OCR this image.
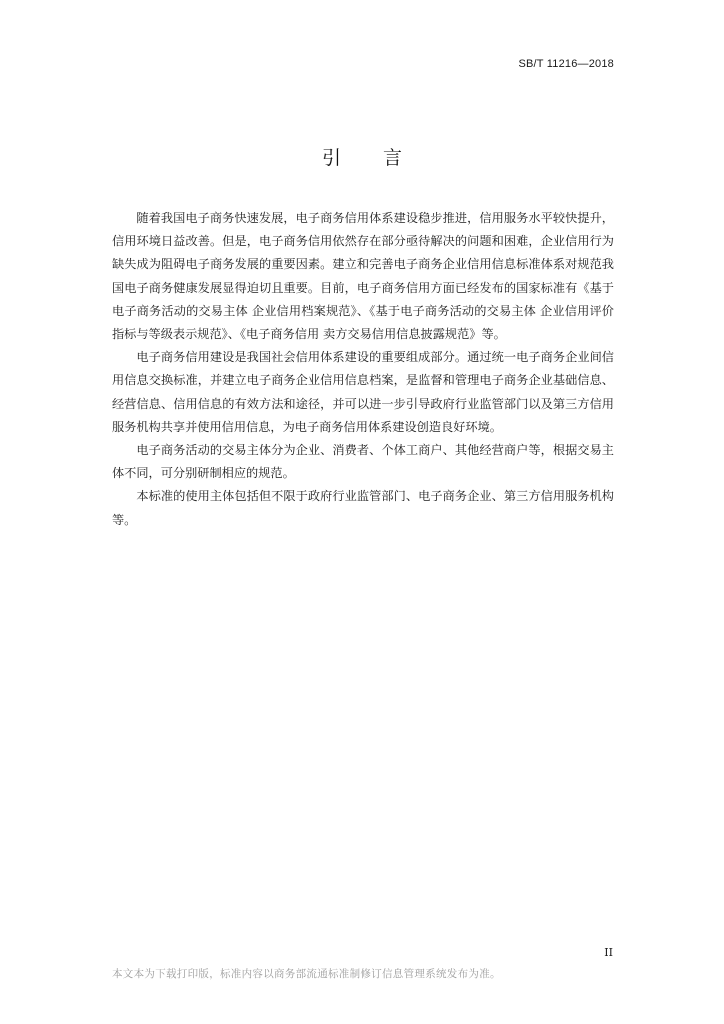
SB/T 11216—2018
引 言

随着我国电子商务快速发展，电子商务信用体系建设稳步推进，信用服务水平较快提升，信用环境日益改善。但是，电子商务信用依然存在部分亟待解决的问题和困难，企业信用行为缺失成为阻碍电子商务发展的重要因素。建立和完善电子商务企业信用信息标准体系对规范我国电子商务健康发展显得迫切且重要。目前，电子商务信用方面已经发布的国家标准有《基于电子商务活动的交易主体 企业信用档案规范》、《基于电子商务活动的交易主体 企业信用评价指标与等级表示规范》、《电子商务信用 卖方交易信用信息披露规范》等。

电子商务信用建设是我国社会信用体系建设的重要组成部分。通过统一电子商务企业间信用信息交换标准，并建立电子商务企业信用信息档案，是监督和管理电子商务企业基础信息、经营信息、信用信息的有效方法和途径，并可以进一步引导政府行业监管部门以及第三方信用服务机构共享并使用信用信息，为电子商务信用体系建设创造良好环境。

电子商务活动的交易主体分为企业、消费者、个体工商户、其他经营商户等，根据交易主体不同，可分别研制相应的规范。

本标准的使用主体包括但不限于政府行业监管部门、电子商务企业、第三方信用服务机构等。

II
本文本为下载打印版，标准内容以商务部流通标准制修订信息管理系统发布为准。
